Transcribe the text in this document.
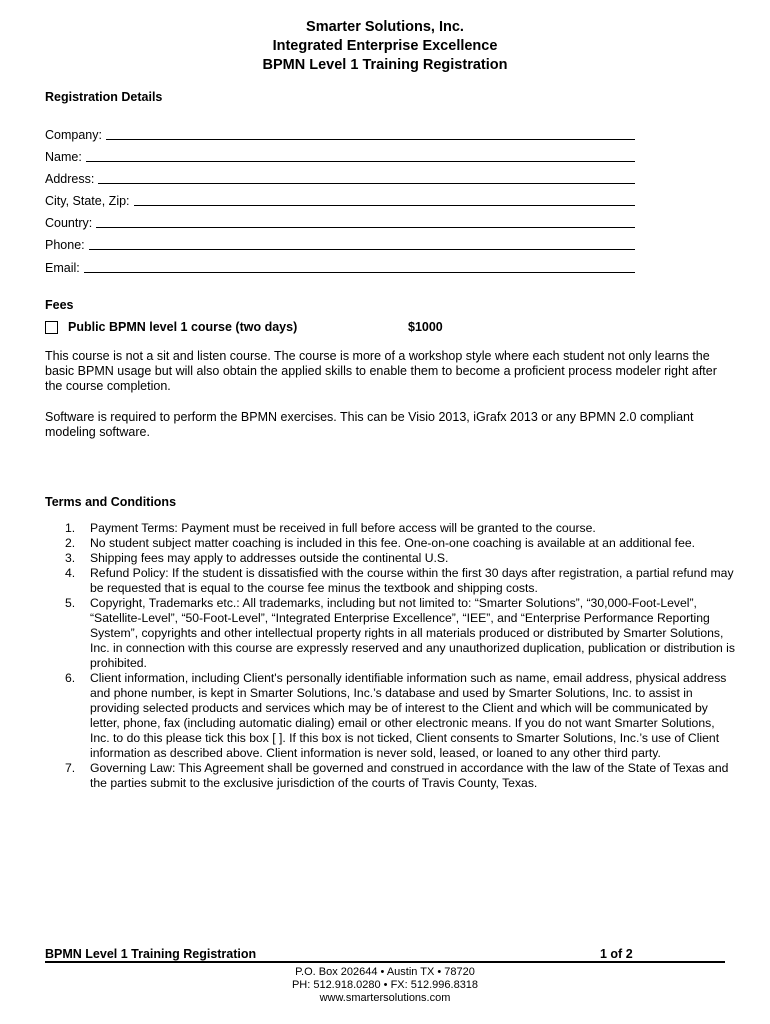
Smarter Solutions, Inc.
Integrated Enterprise Excellence
BPMN Level 1 Training Registration
Registration Details
Company:
Name:
Address:
City, State, Zip:
Country:
Phone:
Email:
Fees
Public BPMN level 1 course (two days)	$1000
This course is not a sit and listen course. The course is more of a workshop style where each student not only learns the basic BPMN usage but will also obtain the applied skills to enable them to become a proficient process modeler right after the course completion.
Software is required to perform the BPMN exercises. This can be Visio 2013, iGrafx 2013 or any BPMN 2.0 compliant modeling software.
Terms and Conditions
1. Payment Terms: Payment must be received in full before access will be granted to the course.
2. No student subject matter coaching is included in this fee. One-on-one coaching is available at an additional fee.
3. Shipping fees may apply to addresses outside the continental U.S.
4. Refund Policy: If the student is dissatisfied with the course within the first 30 days after registration, a partial refund may be requested that is equal to the course fee minus the textbook and shipping costs.
5. Copyright, Trademarks etc.: All trademarks, including but not limited to: “Smarter Solutions”, “30,000-Foot-Level”, “Satellite-Level”, “50-Foot-Level”, “Integrated Enterprise Excellence”, “IEE”, and “Enterprise Performance Reporting System”, copyrights and other intellectual property rights in all materials produced or distributed by Smarter Solutions, Inc. in connection with this course are expressly reserved and any unauthorized duplication, publication or distribution is prohibited.
6. Client information, including Client's personally identifiable information such as name, email address, physical address and phone number, is kept in Smarter Solutions, Inc.’s database and used by Smarter Solutions, Inc. to assist in providing selected products and services which may be of interest to the Client and which will be communicated by letter, phone, fax (including automatic dialing) email or other electronic means. If you do not want Smarter Solutions, Inc. to do this please tick this box [ ]. If this box is not ticked, Client consents to Smarter Solutions, Inc.’s use of Client information as described above. Client information is never sold, leased, or loaned to any other third party.
7. Governing Law: This Agreement shall be governed and construed in accordance with the law of the State of Texas and the parties submit to the exclusive jurisdiction of the courts of Travis County, Texas.
BPMN Level 1 Training Registration	1 of 2
P.O. Box 202644 • Austin TX • 78720
PH: 512.918.0280 • FX: 512.996.8318
www.smartersolutions.com
